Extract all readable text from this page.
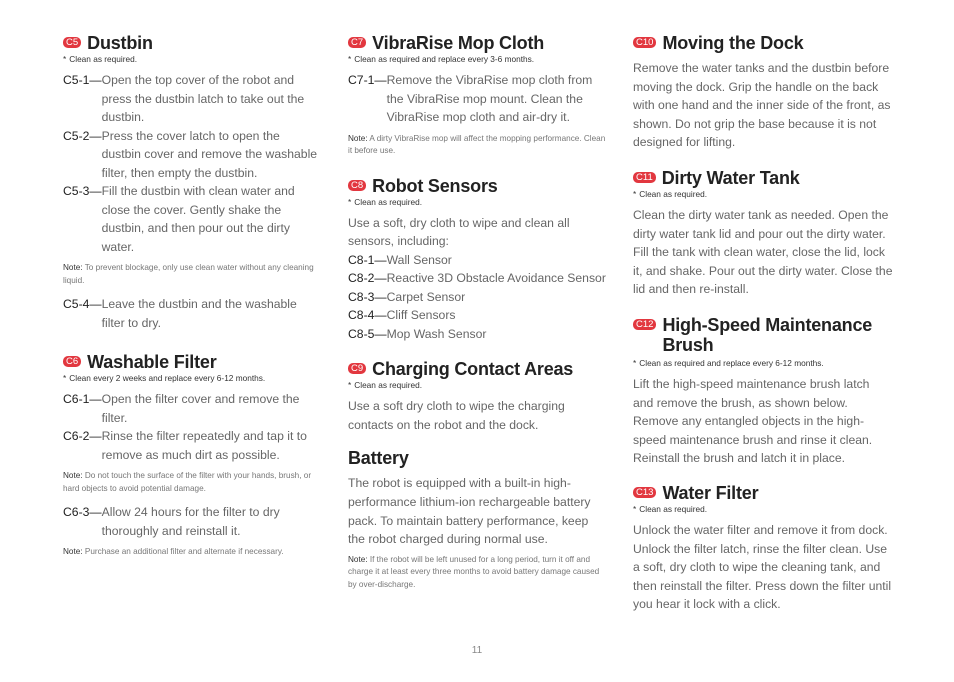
C5 Dustbin
* Clean as required.
C5-1— Open the top cover of the robot and press the dustbin latch to take out the dustbin.
C5-2— Press the cover latch to open the dustbin cover and remove the washable filter, then empty the dustbin.
C5-3— Fill the dustbin with clean water and close the cover. Gently shake the dustbin, and then pour out the dirty water.
Note: To prevent blockage, only use clean water without any cleaning liquid.
C5-4— Leave the dustbin and the washable filter to dry.
C6 Washable Filter
* Clean every 2 weeks and replace every 6-12 months.
C6-1— Open the filter cover and remove the filter.
C6-2— Rinse the filter repeatedly and tap it to remove as much dirt as possible.
Note: Do not touch the surface of the filter with your hands, brush, or hard objects to avoid potential damage.
C6-3— Allow 24 hours for the filter to dry thoroughly and reinstall it.
Note: Purchase an additional filter and alternate if necessary.
C7 VibraRise Mop Cloth
* Clean as required and replace every 3-6 months.
C7-1— Remove the VibraRise mop cloth from the VibraRise mop mount. Clean the VibraRise mop cloth and air-dry it.
Note: A dirty VibraRise mop will affect the mopping performance. Clean it before use.
C8 Robot Sensors
* Clean as required.
Use a soft, dry cloth to wipe and clean all sensors, including:
C8-1— Wall Sensor
C8-2— Reactive 3D Obstacle Avoidance Sensor
C8-3— Carpet Sensor
C8-4— Cliff Sensors
C8-5— Mop Wash Sensor
C9 Charging Contact Areas
* Clean as required.
Use a soft dry cloth to wipe the charging contacts on the robot and the dock.
Battery
The robot is equipped with a built-in high-performance lithium-ion rechargeable battery pack. To maintain battery performance, keep the robot charged during normal use.
Note: If the robot will be left unused for a long period, turn it off and charge it at least every three months to avoid battery damage caused by over-discharge.
C10 Moving the Dock
Remove the water tanks and the dustbin before moving the dock. Grip the handle on the back with one hand and the inner side of the front, as shown. Do not grip the base because it is not designed for lifting.
C11 Dirty Water Tank
* Clean as required.
Clean the dirty water tank as needed. Open the dirty water tank lid and pour out the dirty water. Fill the tank with clean water, close the lid, lock it, and shake. Pour out the dirty water. Close the lid and then re-install.
C12 High-Speed Maintenance Brush
* Clean as required and replace every 6-12 months.
Lift the high-speed maintenance brush latch and remove the brush, as shown below. Remove any entangled objects in the high-speed maintenance brush and rinse it clean. Reinstall the brush and latch it in place.
C13 Water Filter
* Clean as required.
Unlock the water filter and remove it from dock. Unlock the filter latch, rinse the filter clean. Use a soft, dry cloth to wipe the cleaning tank, and then reinstall the filter. Press down the filter until you hear it lock with a click.
11
